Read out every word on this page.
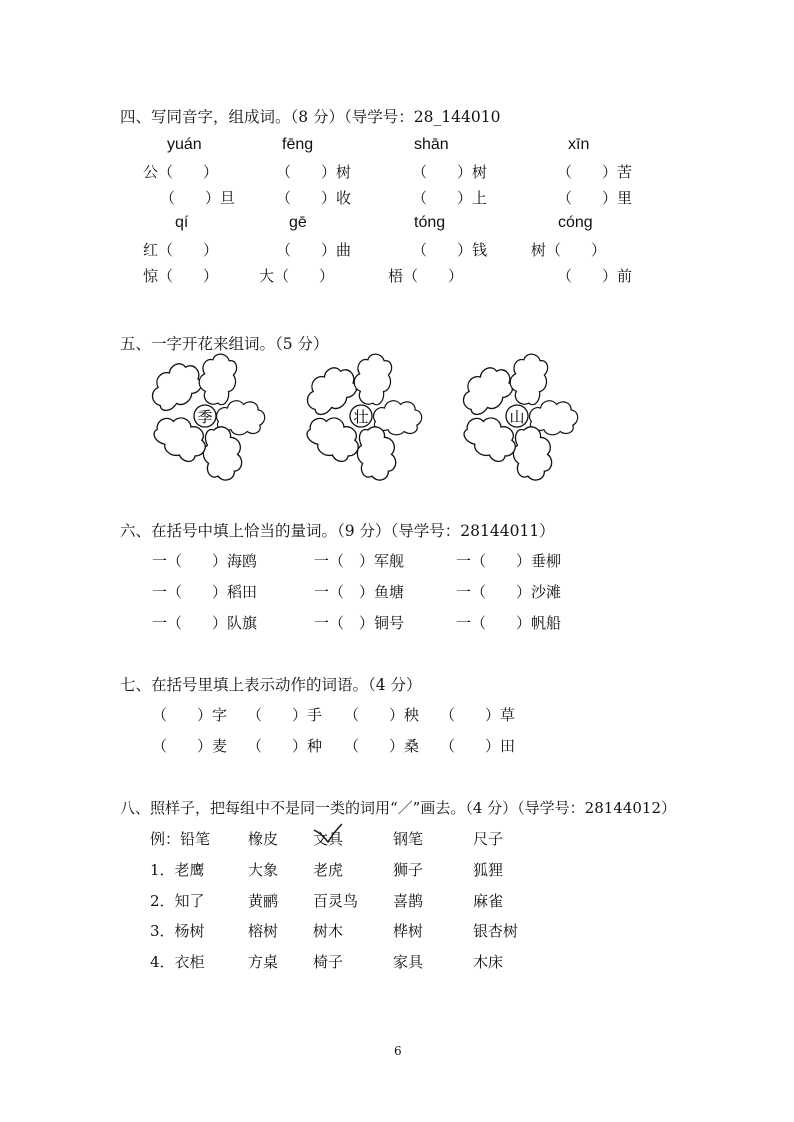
四、写同音字，组成词。（8 分）（导学号：28_144010
yuán	fēng	shān	xīn
公（　　）	（　　）树	（　　）树	（　　）苦
（　　）旦	（　　）收	（　　）上	（　　）里
qí	gē	tóng	cóng
红（　　）	（　　）曲	（　　）钱	树（　　）
惊（　　）	大（　　）	梧（　　）	（　　）前
五、一字开花来组词。（5 分）
季	壮	山
六、在括号中填上恰当的量词。（9 分）（导学号：28144011）
一（　　）海鸥	一（　）军舰	一（　　）垂柳
一（　　）稻田	一（　）鱼塘	一（　　）沙滩
一（　　）队旗	一（　）铜号	一（　　）帆船
七、在括号里填上表示动作的词语。（4 分）
（　　）字 （　　）手 （　　）秧 （　　）草
（　　）麦 （　　）种 （　　）桑 （　　）田
八、照样子，把每组中不是同一类的词用“／”画去。（4 分）（导学号：28144012）
例：铅笔	橡皮 文具	钢笔	尺子
1．老鹰	大象 老虎	狮子	狐狸
2．知了	黄鹂 百灵鸟 喜鹊	麻雀
3．杨树	榕树 树木	桦树	银杏树
4．衣柜	方桌 椅子	家具	木床
6
